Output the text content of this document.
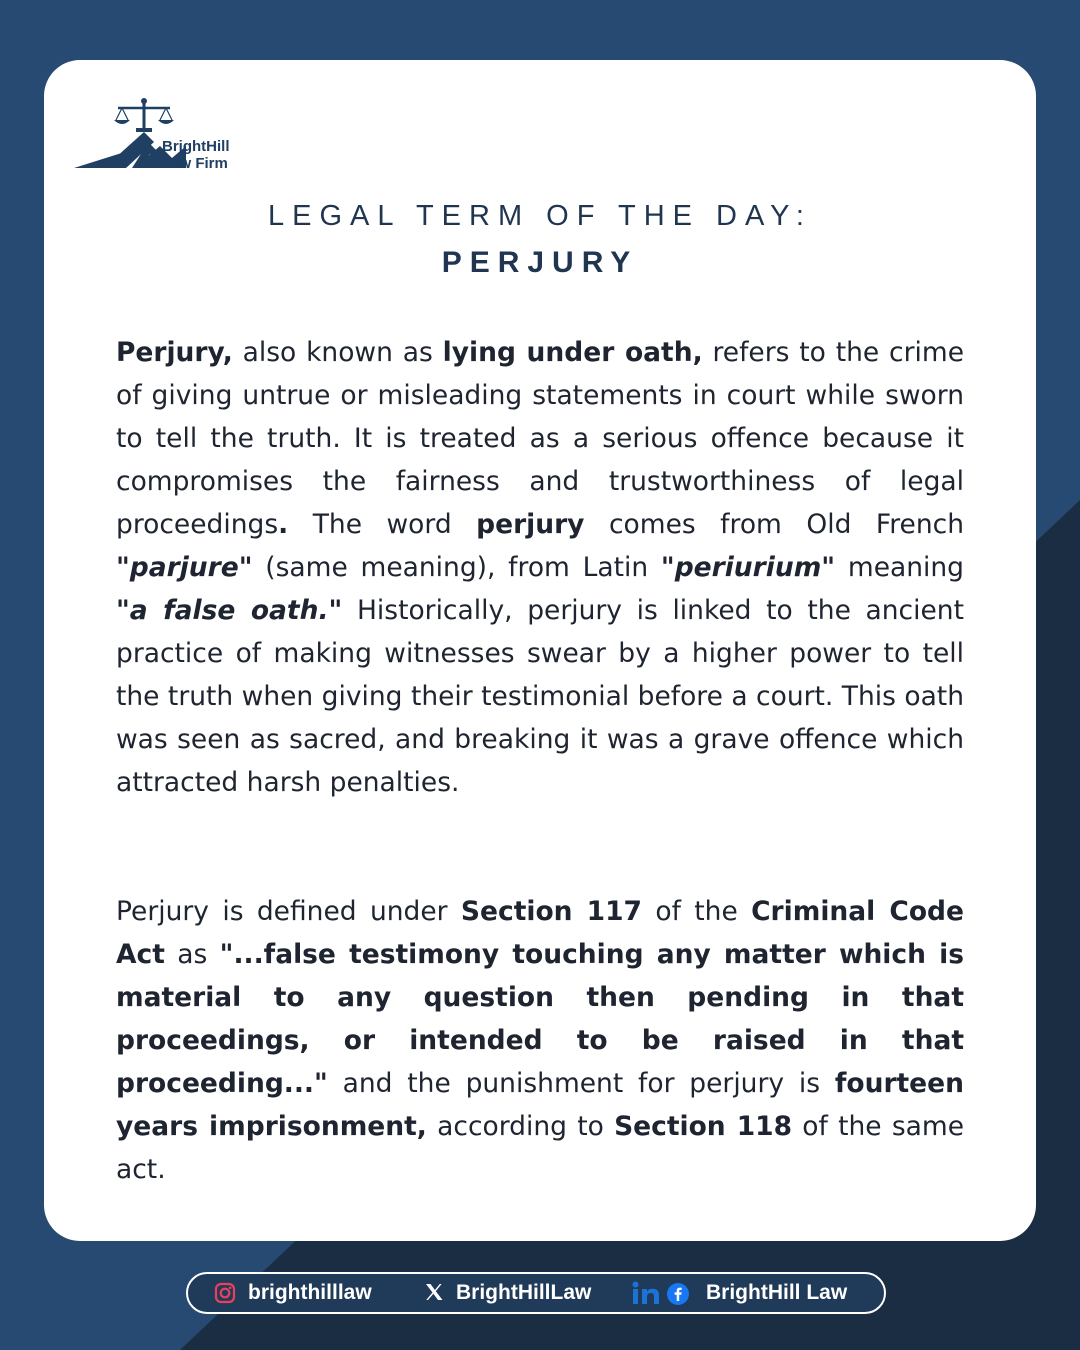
BrightHill
Law Firm
LEGAL TERM OF THE DAY:
PERJURY
Perjury, also known as lying under oath, refers to the crime of giving untrue or misleading statements in court while sworn to tell the truth. It is treated as a serious offence because it compromises the fairness and trustworthiness of legal proceedings. The word perjury comes from Old French "parjure" (same meaning), from Latin "periurium" meaning "a false oath." Historically, perjury is linked to the ancient practice of making witnesses swear by a higher power to tell the truth when giving their testimonial before a court. This oath was seen as sacred, and breaking it was a grave offence which attracted harsh penalties.
Perjury is defined under Section 117 of the Criminal Code Act as "...false testimony touching any matter which is material to any question then pending in that proceedings, or intended to be raised in that proceeding..." and the punishment for perjury is fourteen years imprisonment, according to Section 118 of the same act.
brighthilllaw	BrightHillLaw	BrightHill Law
